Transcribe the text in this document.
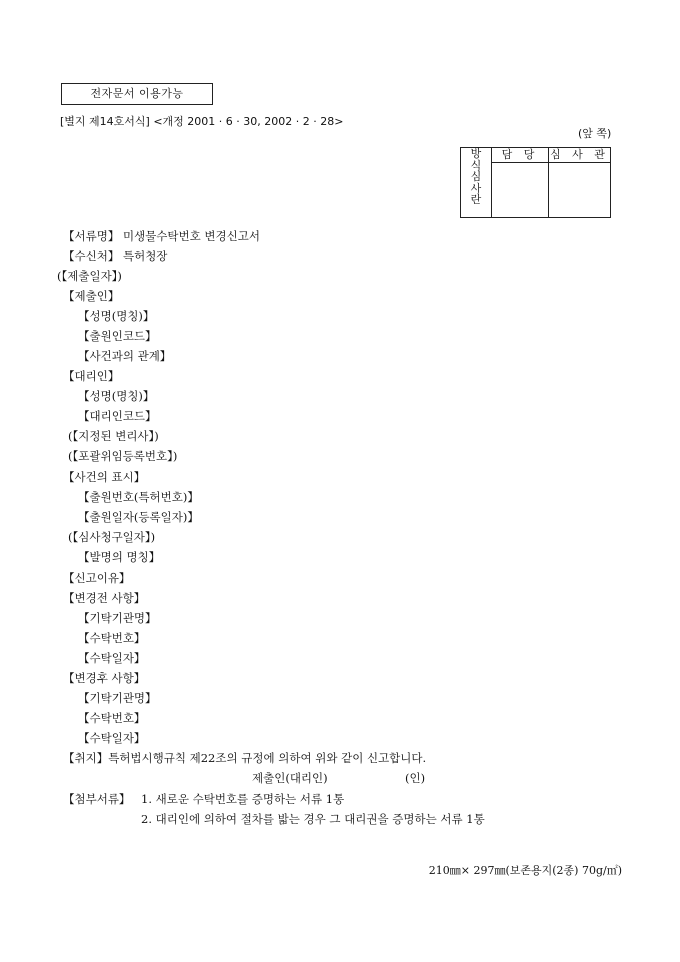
전자문서 이용가능
[별지 제14호서식] <개정 2001 · 6 · 30, 2002 · 2 · 28>
(앞 쪽)
방
식
심
사
란	담 당	심 사 관

【서류명】 미생물수탁번호 변경신고서
【수신처】 특허청장
(【제출일자】)
【제출인】
【성명(명칭)】
【출원인코드】
【사건과의 관계】
【대리인】
【성명(명칭)】
【대리인코드】
(【지정된 변리사】)
(【포괄위임등록번호】)
【사건의 표시】
【출원번호(특허번호)】
【출원일자(등록일자)】
(【심사청구일자】)
【발명의 명칭】
【신고이유】
【변경전 사항】
【기탁기관명】
【수탁번호】
【수탁일자】
【변경후 사항】
【기탁기관명】
【수탁번호】
【수탁일자】
【취지】특허법시행규칙 제22조의 규정에 의하여 위와 같이 신고합니다.
제출인(대리인)	(인)
【첨부서류】 1. 새로운 수탁번호를 증명하는 서류 1통
2. 대리인에 의하여 절차를 밟는 경우 그 대리권을 증명하는 서류 1통
210㎜× 297㎜(보존용지(2종) 70g/㎡)
